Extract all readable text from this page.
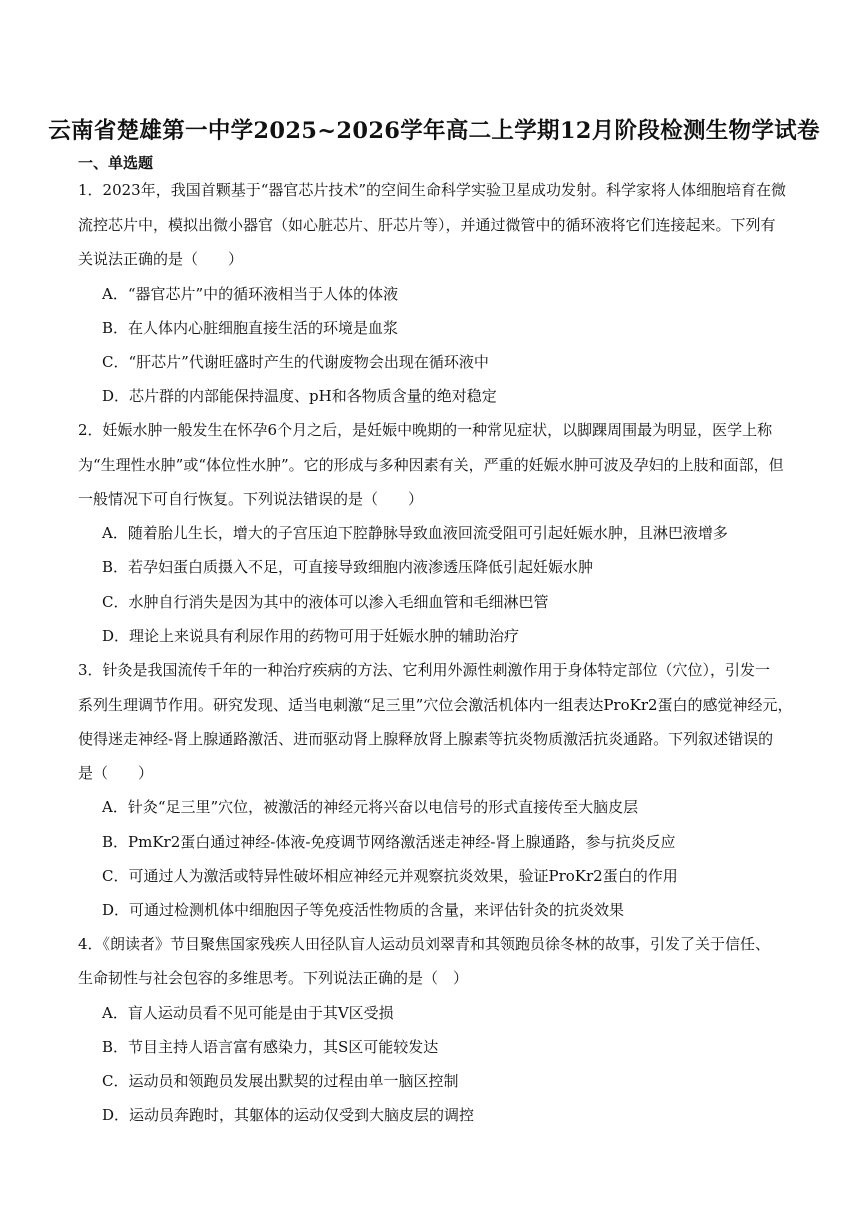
云南省楚雄第一中学2025~2026学年高二上学期12月阶段检测生物学试卷
一、单选题
1．2023年，我国首颗基于“器官芯片技术”的空间生命科学实验卫星成功发射。科学家将人体细胞培育在微
流控芯片中，模拟出微小器官（如心脏芯片、肝芯片等），并通过微管中的循环液将它们连接起来。下列有
关说法正确的是（　　）
A．“器官芯片”中的循环液相当于人体的体液
B．在人体内心脏细胞直接生活的环境是血浆
C．“肝芯片”代谢旺盛时产生的代谢废物会出现在循环液中
D．芯片群的内部能保持温度、pH和各物质含量的绝对稳定
2．妊娠水肿一般发生在怀孕6个月之后，是妊娠中晚期的一种常见症状，以脚踝周围最为明显，医学上称
为“生理性水肿”或“体位性水肿”。它的形成与多种因素有关，严重的妊娠水肿可波及孕妇的上肢和面部，但
一般情况下可自行恢复。下列说法错误的是（　　）
A．随着胎儿生长，增大的子宫压迫下腔静脉导致血液回流受阻可引起妊娠水肿，且淋巴液增多
B．若孕妇蛋白质摄入不足，可直接导致细胞内液渗透压降低引起妊娠水肿
C．水肿自行消失是因为其中的液体可以渗入毛细血管和毛细淋巴管
D．理论上来说具有利尿作用的药物可用于妊娠水肿的辅助治疗
3．针灸是我国流传千年的一种治疗疾病的方法、它利用外源性刺激作用于身体特定部位（穴位），引发一
系列生理调节作用。研究发现、适当电刺激“足三里”穴位会激活机体内一组表达ProKr2蛋白的感觉神经元，
使得迷走神经-肾上腺通路激活、进而驱动肾上腺释放肾上腺素等抗炎物质激活抗炎通路。下列叙述错误的
是（　　）
A．针灸“足三里”穴位，被激活的神经元将兴奋以电信号的形式直接传至大脑皮层
B．PmKr2蛋白通过神经-体液-免疫调节网络激活迷走神经-肾上腺通路，参与抗炎反应
C．可通过人为激活或特异性破坏相应神经元并观察抗炎效果，验证ProKr2蛋白的作用
D．可通过检测机体中细胞因子等免疫活性物质的含量，来评估针灸的抗炎效果
4．《朗读者》节目聚焦国家残疾人田径队盲人运动员刘翠青和其领跑员徐冬林的故事，引发了关于信任、
生命韧性与社会包容的多维思考。下列说法正确的是（　）
A．盲人运动员看不见可能是由于其V区受损
B．节目主持人语言富有感染力，其S区可能较发达
C．运动员和领跑员发展出默契的过程由单一脑区控制
D．运动员奔跑时，其躯体的运动仅受到大脑皮层的调控
